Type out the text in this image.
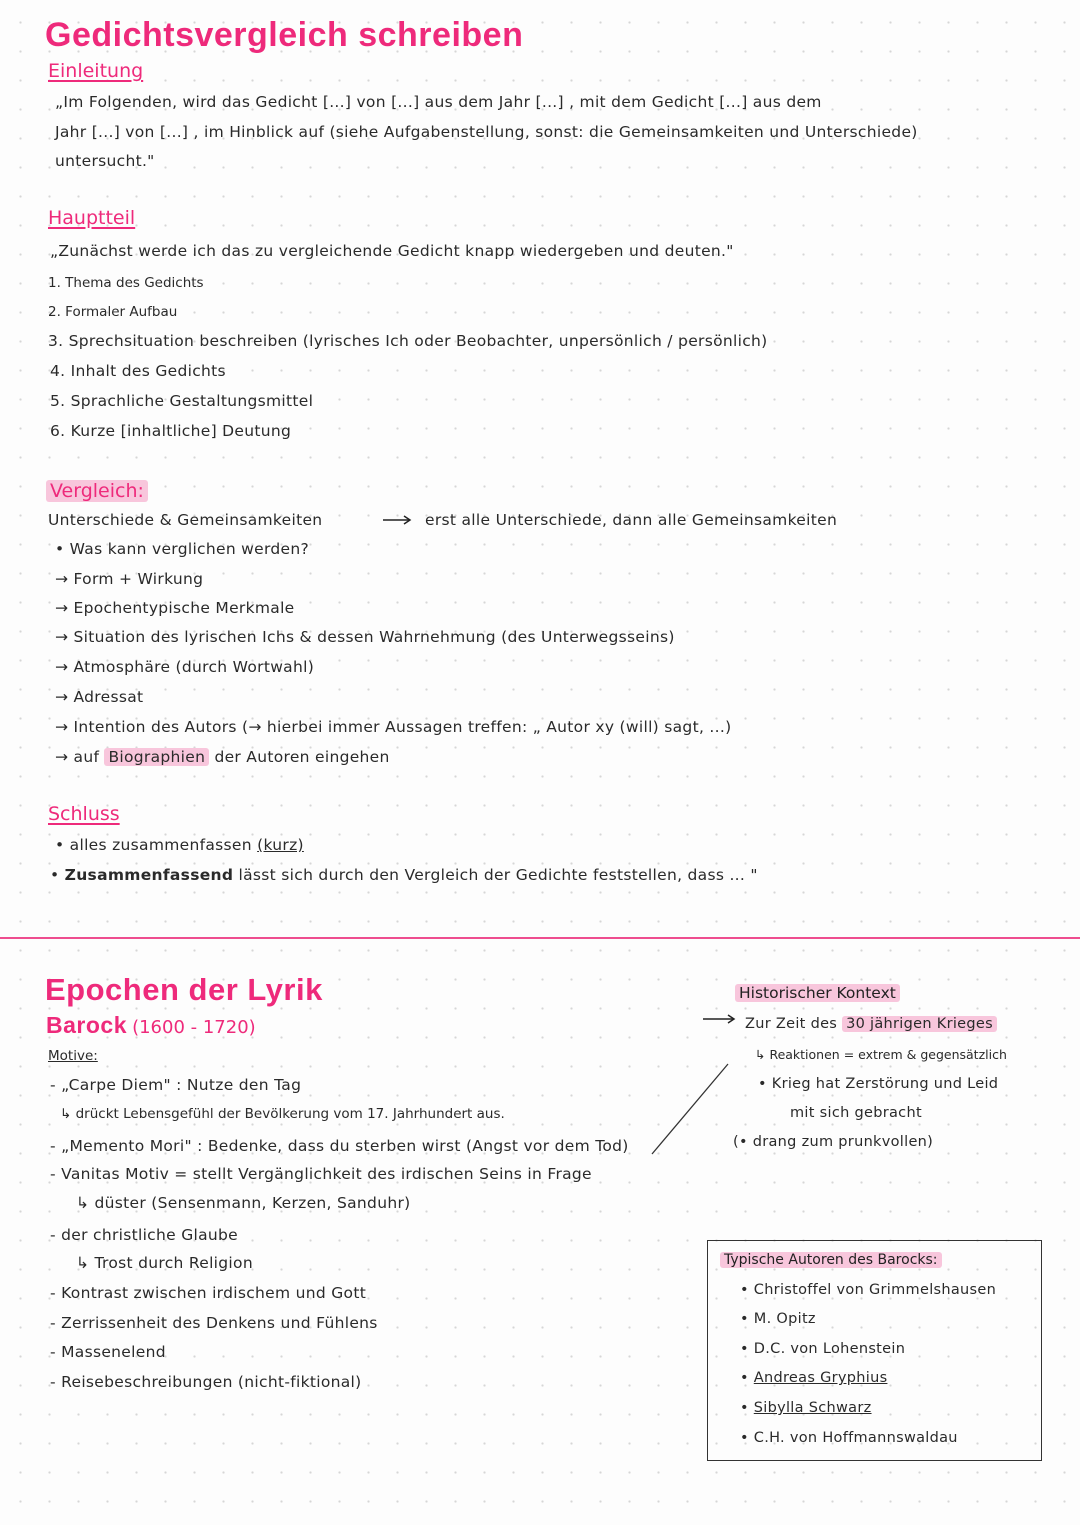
Gedichtsvergleich schreiben
Einleitung
„Im Folgenden, wird das Gedicht [...] von [...] aus dem Jahr [...] , mit dem Gedicht [...] aus dem
Jahr [...] von [...] , im Hinblick auf (siehe Aufgabenstellung, sonst: die Gemeinsamkeiten und Unterschiede)
untersucht."
Hauptteil
„Zunächst werde ich das zu vergleichende Gedicht knapp wiedergeben und deuten."
1. Thema des Gedichts
2. Formaler Aufbau
3. Sprechsituation beschreiben (lyrisches Ich oder Beobachter, unpersönlich / persönlich)
4. Inhalt des Gedichts
5. Sprachliche Gestaltungsmittel
6. Kurze [inhaltliche] Deutung
Vergleich:
Unterschiede & Gemeinsamkeiten	erst alle Unterschiede, dann alle Gemeinsamkeiten
• Was kann verglichen werden?
→ Form + Wirkung
→ Epochentypische Merkmale
→ Situation des lyrischen Ichs & dessen Wahrnehmung (des Unterwegsseins)
→ Atmosphäre (durch Wortwahl)
→ Adressat
→ Intention des Autors (→ hierbei immer Aussagen treffen: „ Autor xy (will) sagt, ...)
→ auf Biographien der Autoren eingehen
Schluss
• alles zusammenfassen (kurz)
• Zusammenfassend lässt sich durch den Vergleich der Gedichte feststellen, dass ... "
Epochen der Lyrik
Barock (1600 - 1720)
Motive:
- „Carpe Diem" : Nutze den Tag
↳ drückt Lebensgefühl der Bevölkerung vom 17. Jahrhundert aus.
- „Memento Mori" : Bedenke, dass du sterben wirst (Angst vor dem Tod)
- Vanitas Motiv = stellt Vergänglichkeit des irdischen Seins in Frage
↳ düster (Sensenmann, Kerzen, Sanduhr)
- der christliche Glaube
↳ Trost durch Religion
- Kontrast zwischen irdischem und Gott
- Zerrissenheit des Denkens und Fühlens
- Massenelend
- Reisebeschreibungen (nicht-fiktional)
Historischer Kontext
Zur Zeit des 30 jährigen Krieges
↳ Reaktionen = extrem & gegensätzlich
• Krieg hat Zerstörung und Leid
mit sich gebracht
(• drang zum prunkvollen)
Typische Autoren des Barocks:
• Christoffel von Grimmelshausen
• M. Opitz
• D.C. von Lohenstein
• Andreas Gryphius
• Sibylla Schwarz
• C.H. von Hoffmannswaldau
